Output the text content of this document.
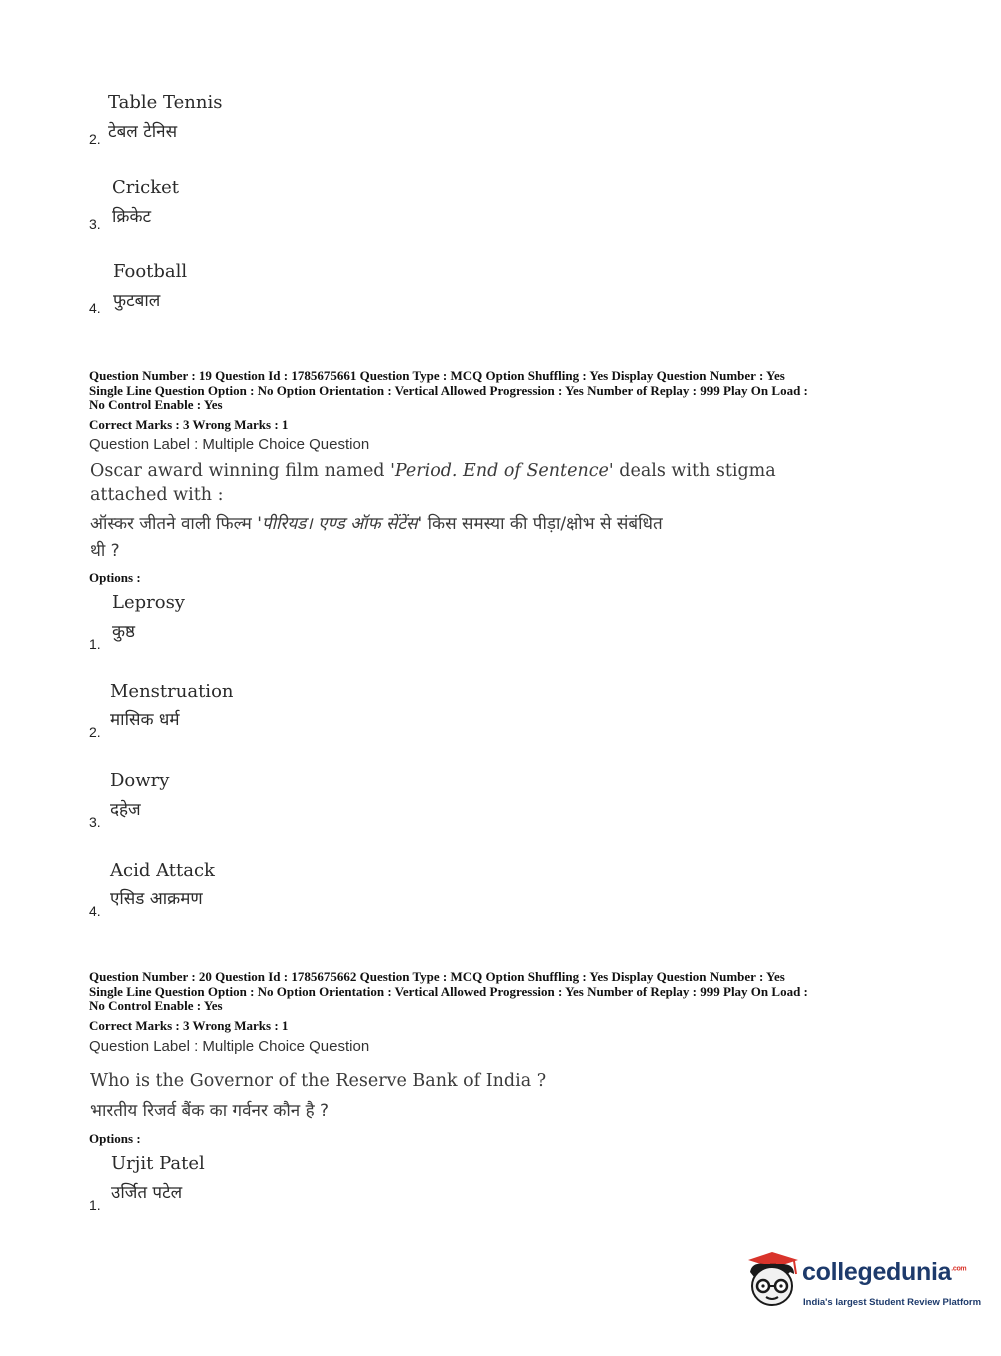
Table Tennis
टेबल टेनिस
2.
Cricket
क्रिकेट
3.
Football
फुटबाल
4.

Question Number : 19 Question Id : 1785675661 Question Type : MCQ Option Shuffling : Yes Display Question Number : Yes

Single Line Question Option : No Option Orientation : Vertical Allowed Progression : Yes Number of Replay : 999 Play On Load :

No Control Enable : Yes

Correct Marks : 3 Wrong Marks : 1
Question Label : Multiple Choice Question
Oscar award winning film named 'Period. End of Sentence' deals with stigma
attached with :
ऑस्कर जीतने वाली फिल्म 'पीरियड। एण्ड ऑफ सेंटेंस' किस समस्या की पीड़ा/क्षोभ से संबंधित
थी ?
Options :
Leprosy
कुष्ठ
1.
Menstruation
मासिक धर्म
2.
Dowry
दहेज
3.
Acid Attack
एसिड आक्रमण
4.

Question Number : 20 Question Id : 1785675662 Question Type : MCQ Option Shuffling : Yes Display Question Number : Yes

Single Line Question Option : No Option Orientation : Vertical Allowed Progression : Yes Number of Replay : 999 Play On Load :

No Control Enable : Yes

Correct Marks : 3 Wrong Marks : 1
Question Label : Multiple Choice Question
Who is the Governor of the Reserve Bank of India ?
भारतीय रिजर्व बैंक का गर्वनर कौन है ?
Options :
Urjit Patel
उर्जित पटेल
1.
collegedunia$^{.com}$
India's largest Student Review Platform
